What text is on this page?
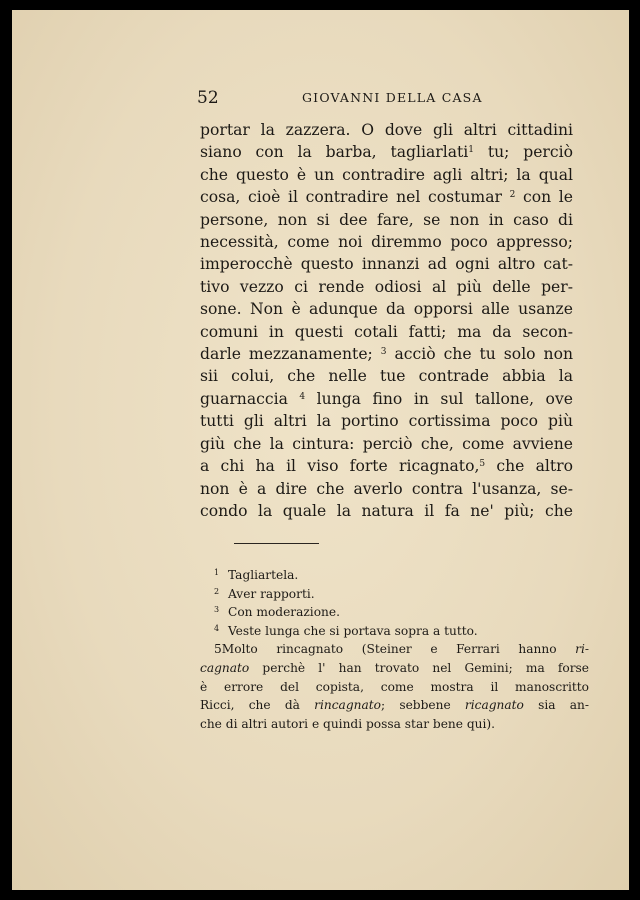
52	GIOVANNI DELLA CASA
portar la zazzera. O dove gli altri cittadini
siano con la barba, tagliarlati$^1$ tu; perciò
che questo è un contradire agli altri; la qual
cosa, cioè il contradire nel costumar $^2$ con le
persone, non si dee fare, se non in caso di
necessità, come noi diremmo poco appresso;
imperocchè questo innanzi ad ogni altro cat-
tivo vezzo ci rende odiosi al più delle per-
sone. Non è adunque da opporsi alle usanze
comuni in questi cotali fatti; ma da secon-
darle mezzanamente; $^3$ acciò che tu solo non
sii colui, che nelle tue contrade abbia la
guarnaccia $^4$ lunga fino in sul tallone, ove
tutti gli altri la portino cortissima poco più
giù che la cintura: perciò che, come avviene
a chi ha il viso forte ricagnato,$^5$ che altro
non è a dire che averlo contra l'usanza, se-
condo la quale la natura il fa ne' più; che
1 Tagliartela.
2 Aver rapporti.
3 Con moderazione.
4 Veste lunga che si portava sopra a tutto.
5Molto rincagnato (Steiner e Ferrari hanno ri-
cagnato perchè l' han trovato nel Gemini; ma forse
è errore del copista, come mostra il manoscritto
Ricci, che dà rincagnato; sebbene ricagnato sia an-
che di altri autori e quindi possa star bene qui).
